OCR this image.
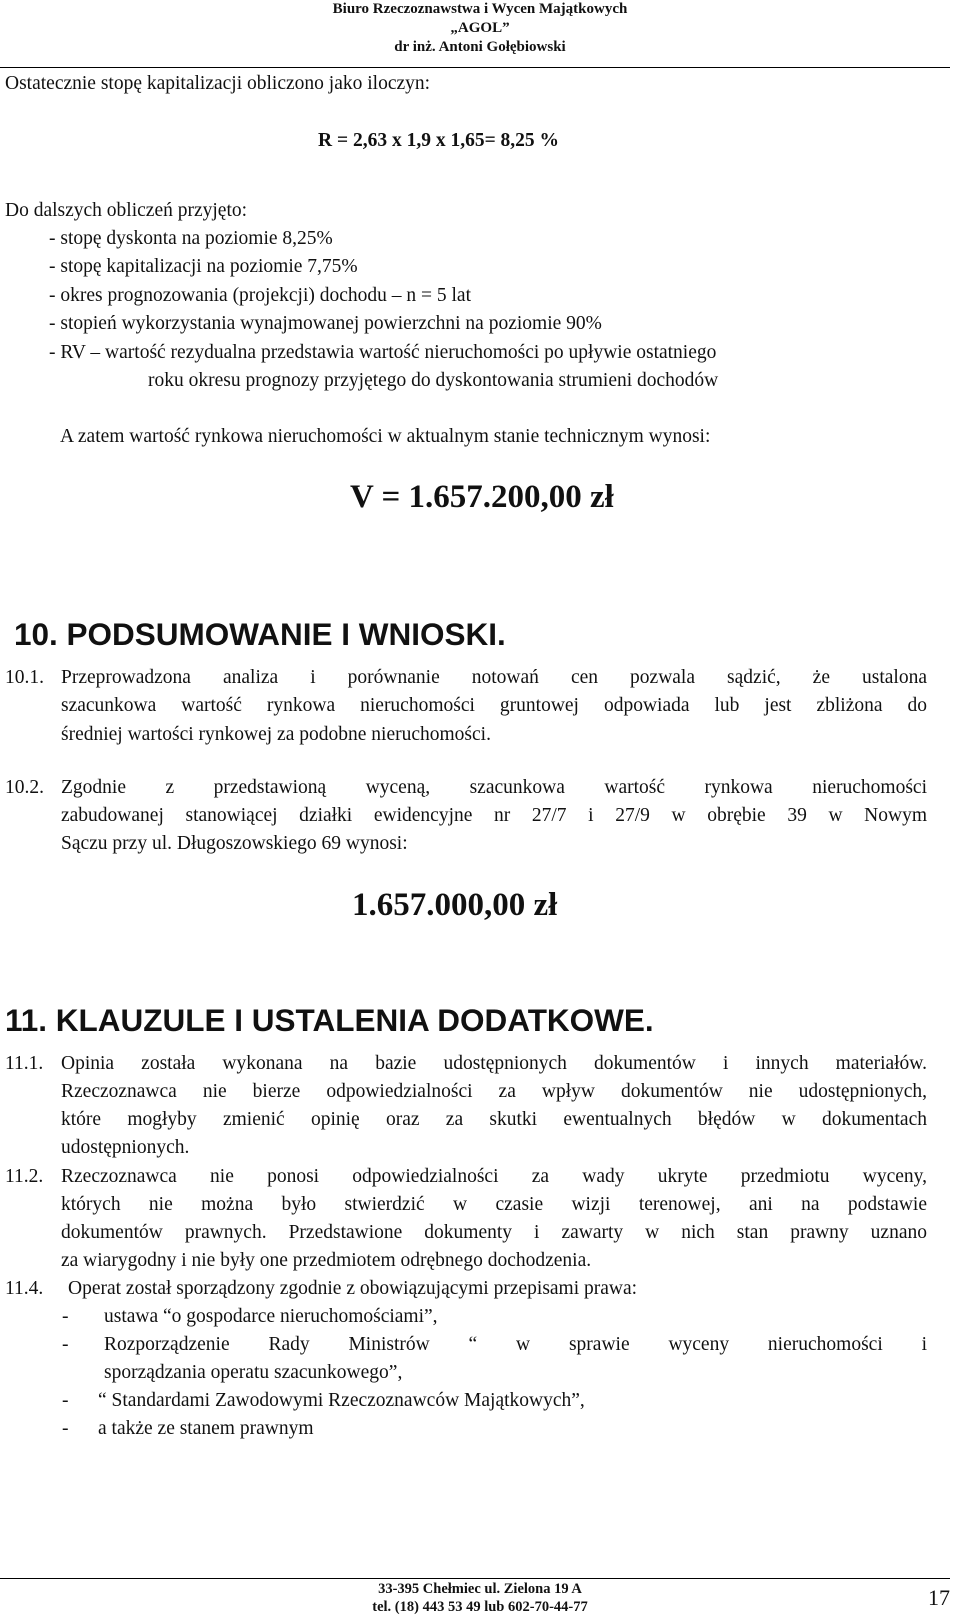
Biuro Rzeczoznawstwa i Wycen Majątkowych
„AGOL”
dr inż. Antoni Gołębiowski
Ostatecznie stopę kapitalizacji obliczono jako iloczyn:
R = 2,63 x 1,9 x 1,65= 8,25 %
Do dalszych obliczeń przyjęto:
- stopę dyskonta na poziomie 8,25%
- stopę kapitalizacji na poziomie 7,75%
- okres prognozowania (projekcji) dochodu – n = 5 lat
- stopień wykorzystania wynajmowanej powierzchni na poziomie 90%
- RV – wartość rezydualna przedstawia wartość nieruchomości po upływie ostatniego
roku okresu prognozy przyjętego do dyskontowania strumieni dochodów
A zatem wartość rynkowa nieruchomości w aktualnym stanie technicznym wynosi:
V = 1.657.200,00 zł
10. PODSUMOWANIE I WNIOSKI.
10.1. Przeprowadzona analiza i porównanie notowań cen pozwala sądzić, że ustalona
szacunkowa wartość rynkowa nieruchomości gruntowej odpowiada lub jest zbliżona do
średniej wartości rynkowej za podobne nieruchomości.
10.2. Zgodnie z przedstawioną wyceną, szacunkowa wartość rynkowa nieruchomości
zabudowanej stanowiącej działki ewidencyjne nr 27/7 i 27/9 w obrębie 39 w Nowym
Sączu przy ul. Długoszowskiego 69 wynosi:
1.657.000,00 zł
11. KLAUZULE I USTALENIA DODATKOWE.
11.1. Opinia została wykonana na bazie udostępnionych dokumentów i innych materiałów.
Rzeczoznawca nie bierze odpowiedzialności za wpływ dokumentów nie udostępnionych,
które mogłyby zmienić opinię oraz za skutki ewentualnych błędów w dokumentach
udostępnionych.
11.2. Rzeczoznawca nie ponosi odpowiedzialności za wady ukryte przedmiotu wyceny,
których nie można było stwierdzić w czasie wizji terenowej, ani na podstawie
dokumentów prawnych. Przedstawione dokumenty i zawarty w nich stan prawny uznano
za wiarygodny i nie były one przedmiotem odrębnego dochodzenia.
11.4. Operat został sporządzony zgodnie z obowiązującymi przepisami prawa:
- ustawa “o gospodarce nieruchomościami”,
- Rozporządzenie Rady Ministrów “ w sprawie wyceny nieruchomości i
sporządzania operatu szacunkowego”,
- “ Standardami Zawodowymi Rzeczoznawców Majątkowych”,
- a także ze stanem prawnym
33-395 Chełmiec ul. Zielona 19 A
tel. (18) 443 53 49 lub 602-70-44-77	17
